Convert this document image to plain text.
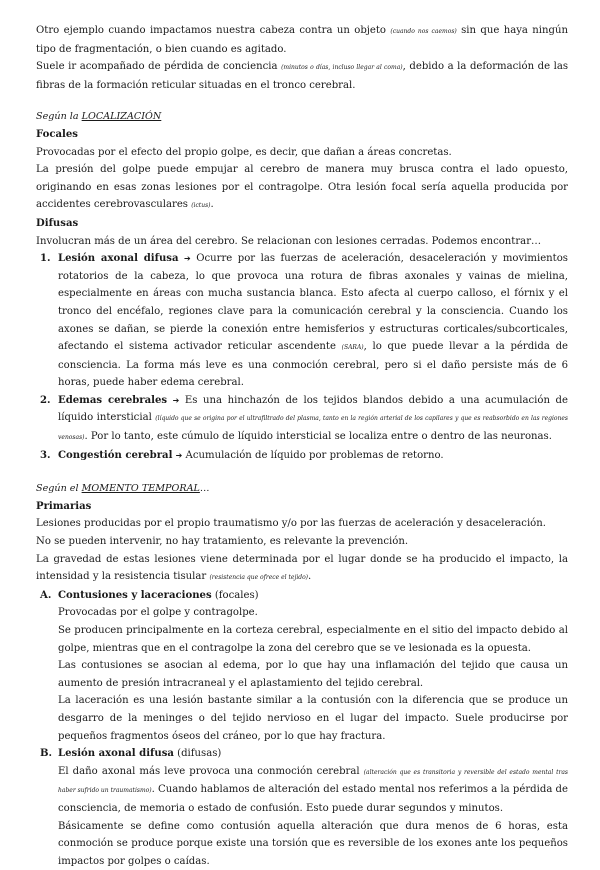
Otro ejemplo cuando impactamos nuestra cabeza contra un objeto (cuando nos caemos) sin que haya ningún tipo de fragmentación, o bien cuando es agitado.

Suele ir acompañado de pérdida de conciencia (minutos o días, incluso llegar al coma), debido a la deformación de las fibras de la formación reticular situadas en el tronco cerebral.

Según la LOCALIZACIÓN

Focales

Provocadas por el efecto del propio golpe, es decir, que dañan a áreas concretas.

La presión del golpe puede empujar al cerebro de manera muy brusca contra el lado opuesto, originando en esas zonas lesiones por el contragolpe. Otra lesión focal sería aquella producida por accidentes cerebrovasculares (ictus).

Difusas

Involucran más de un área del cerebro. Se relacionan con lesiones cerradas. Podemos encontrar…

1. Lesión axonal difusa ➔ Ocurre por las fuerzas de aceleración, desaceleración y movimientos rotatorios de la cabeza, lo que provoca una rotura de fibras axonales y vainas de mielina, especialmente en áreas con mucha sustancia blanca. Esto afecta al cuerpo calloso, el fórnix y el tronco del encéfalo, regiones clave para la comunicación cerebral y la consciencia. Cuando los axones se dañan, se pierde la conexión entre hemisferios y estructuras corticales/subcorticales, afectando el sistema activador reticular ascendente (SARA), lo que puede llevar a la pérdida de consciencia. La forma más leve es una conmoción cerebral, pero si el daño persiste más de 6 horas, puede haber edema cerebral.
2. Edemas cerebrales ➔ Es una hinchazón de los tejidos blandos debido a una acumulación de líquido intersticial (líquido que se origina por el ultrafiltrado del plasma, tanto en la región arterial de los capilares y que es reabsorbido en las regiones venosas). Por lo tanto, este cúmulo de líquido intersticial se localiza entre o dentro de las neuronas.
3. Congestión cerebral ➔ Acumulación de líquido por problemas de retorno.

Según el MOMENTO TEMPORAL…

Primarias

Lesiones producidas por el propio traumatismo y/o por las fuerzas de aceleración y desaceleración.

No se pueden intervenir, no hay tratamiento, es relevante la prevención.

La gravedad de estas lesiones viene determinada por el lugar donde se ha producido el impacto, la intensidad y la resistencia tisular (resistencia que ofrece el tejido).

A. Contusiones y laceraciones (focales)

Provocadas por el golpe y contragolpe.

Se producen principalmente en la corteza cerebral, especialmente en el sitio del impacto debido al golpe, mientras que en el contragolpe la zona del cerebro que se ve lesionada es la opuesta.

Las contusiones se asocian al edema, por lo que hay una inflamación del tejido que causa un aumento de presión intracraneal y el aplastamiento del tejido cerebral.

La laceración es una lesión bastante similar a la contusión con la diferencia que se produce un desgarro de la meninges o del tejido nervioso en el lugar del impacto. Suele producirse por pequeños fragmentos óseos del cráneo, por lo que hay fractura.

B. Lesión axonal difusa (difusas)

El daño axonal más leve provoca una conmoción cerebral (alteración que es transitoria y reversible del estado mental tras haber sufrido un traumatismo). Cuando hablamos de alteración del estado mental nos referimos a la pérdida de consciencia, de memoria o estado de confusión. Esto puede durar segundos y minutos.

Básicamente se define como contusión aquella alteración que dura menos de 6 horas, esta conmoción se produce porque existe una torsión que es reversible de los exones ante los pequeños impactos por golpes o caídas.
